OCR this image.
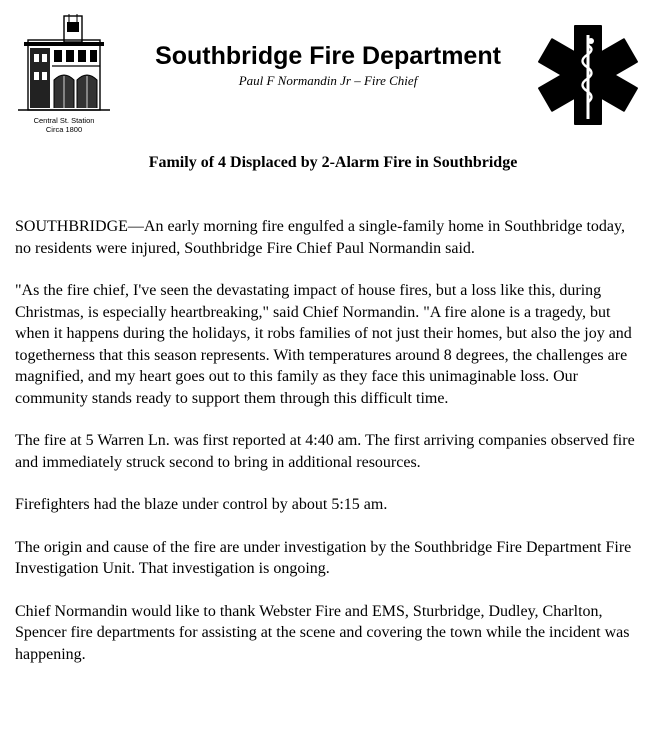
Central St. Station
Circa 1800
Southbridge Fire Department
Paul F Normandin Jr – Fire Chief
Family of 4 Displaced by 2-Alarm Fire in Southbridge

SOUTHBRIDGE—An early morning fire engulfed a single-family home in Southbridge today, no residents were injured, Southbridge Fire Chief Paul Normandin said.

"As the fire chief, I've seen the devastating impact of house fires, but a loss like this, during Christmas, is especially heartbreaking," said Chief Normandin. "A fire alone is a tragedy, but when it happens during the holidays, it robs families of not just their homes, but also the joy and togetherness that this season represents. With temperatures around 8 degrees, the challenges are magnified, and my heart goes out to this family as they face this unimaginable loss. Our community stands ready to support them through this difficult time.

The fire at 5 Warren Ln. was first reported at 4:40 am. The first arriving companies observed fire and immediately struck second to bring in additional resources.

Firefighters had the blaze under control by about 5:15 am.

The origin and cause of the fire are under investigation by the Southbridge Fire Department Fire Investigation Unit. That investigation is ongoing.

Chief Normandin would like to thank Webster Fire and EMS, Sturbridge, Dudley, Charlton, Spencer fire departments for assisting at the scene and covering the town while the incident was happening.
